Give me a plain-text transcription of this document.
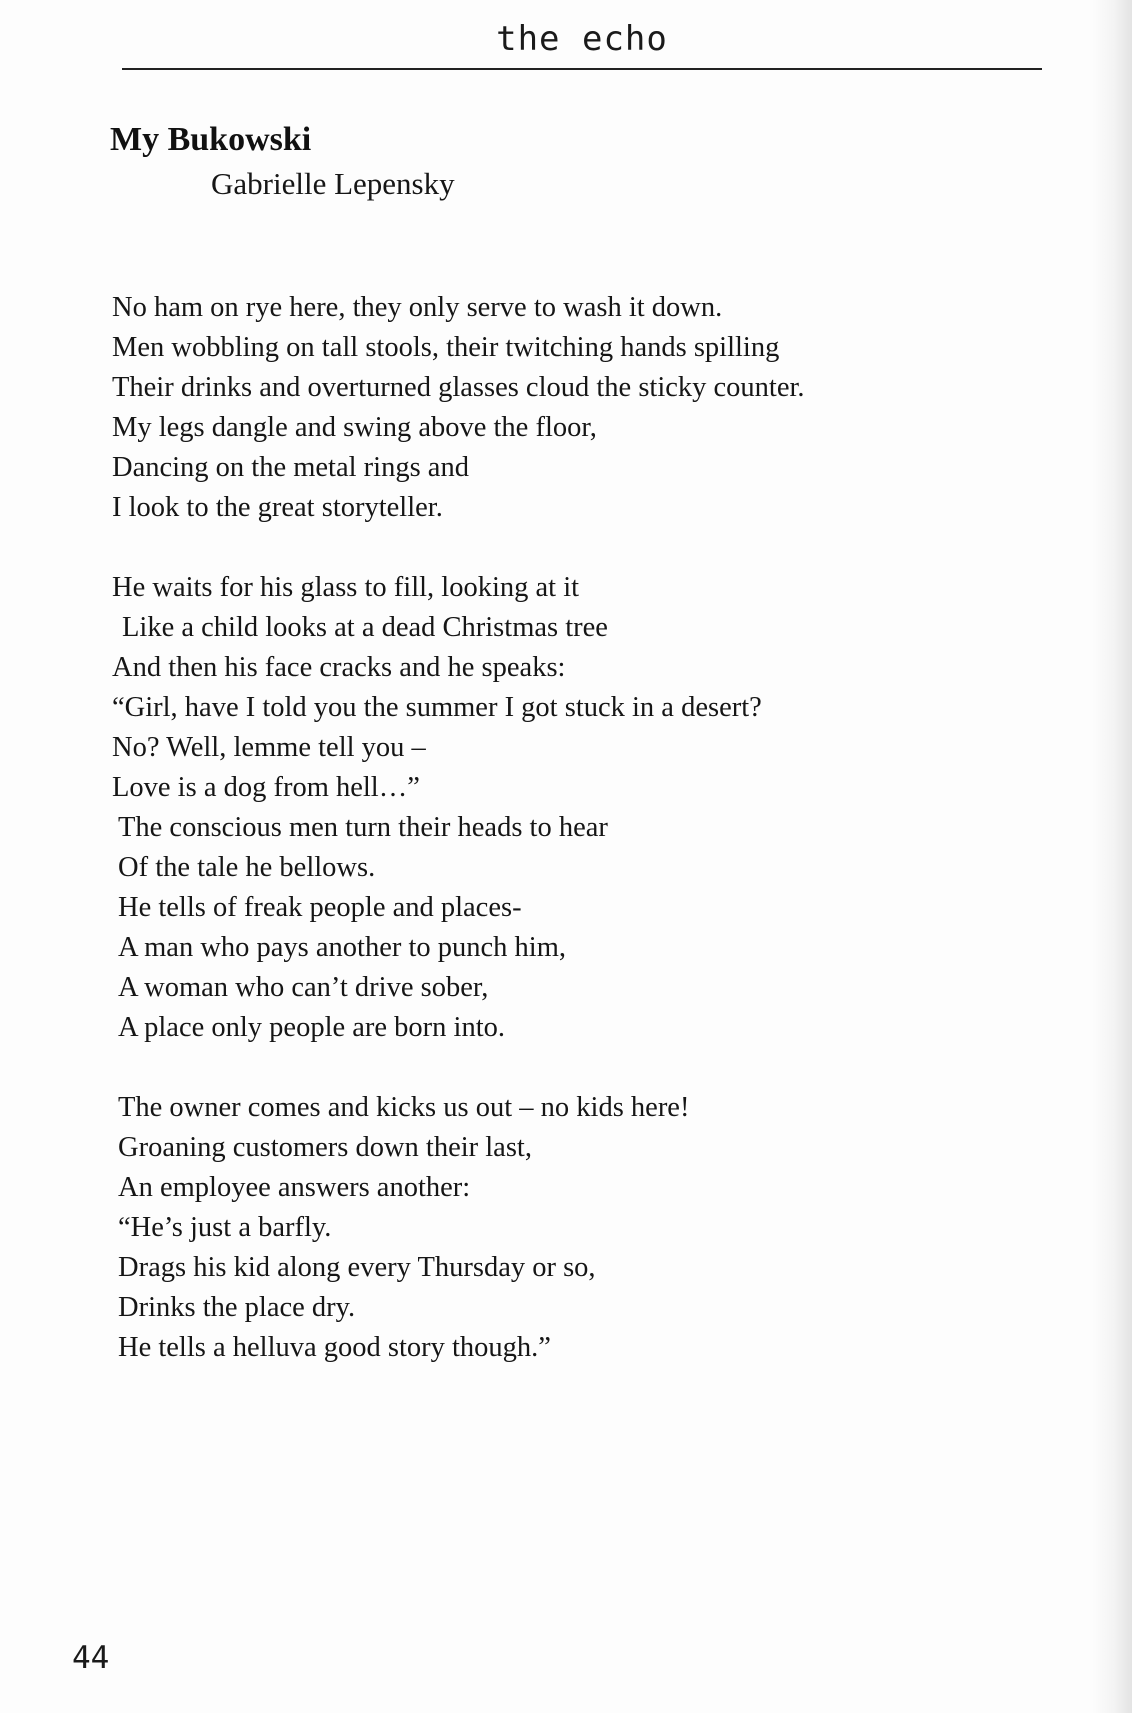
the echo
My Bukowski
Gabrielle Lepensky
No ham on rye here, they only serve to wash it down.
Men wobbling on tall stools, their twitching hands spilling
Their drinks and overturned glasses cloud the sticky counter.
My legs dangle and swing above the floor,
Dancing on the metal rings and
I look to the great storyteller.
He waits for his glass to fill, looking at it
Like a child looks at a dead Christmas tree
And then his face cracks and he speaks:
“Girl, have I told you the summer I got stuck in a desert?
No? Well, lemme tell you –
Love is a dog from hell…”
The conscious men turn their heads to hear
Of the tale he bellows.
He tells of freak people and places-
A man who pays another to punch him,
A woman who can’t drive sober,
A place only people are born into.
The owner comes and kicks us out – no kids here!
Groaning customers down their last,
An employee answers another:
“He’s just a barfly.
Drags his kid along every Thursday or so,
Drinks the place dry.
He tells a helluva good story though.”
44
